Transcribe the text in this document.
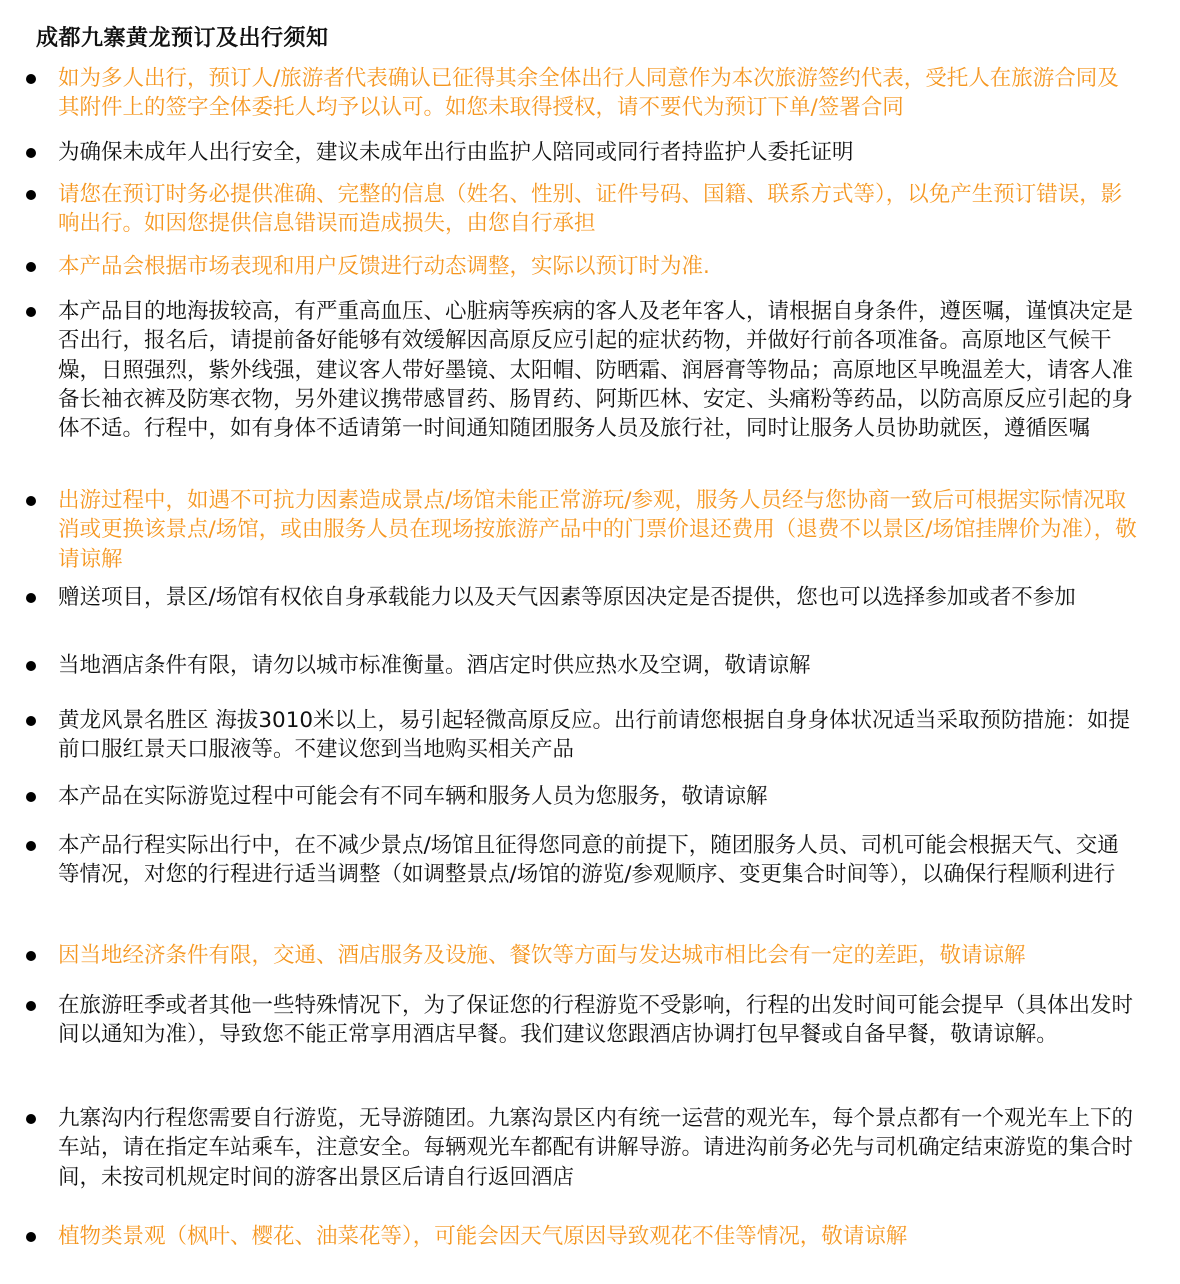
成都九寨黄龙预订及出行须知
如为多人出行，预订人/旅游者代表确认已征得其余全体出行人同意作为本次旅游签约代表，受托人在旅游合同及其附件上的签字全体委托人均予以认可。如您未取得授权，请不要代为预订下单/签署合同
为确保未成年人出行安全，建议未成年出行由监护人陪同或同行者持监护人委托证明
请您在预订时务必提供准确、完整的信息（姓名、性别、证件号码、国籍、联系方式等），以免产生预订错误，影响出行。如因您提供信息错误而造成损失，由您自行承担
本产品会根据市场表现和用户反馈进行动态调整，实际以预订时为准.
本产品目的地海拔较高，有严重高血压、心脏病等疾病的客人及老年客人，请根据自身条件，遵医嘱，谨慎决定是否出行，报名后，请提前备好能够有效缓解因高原反应引起的症状药物，并做好行前各项准备。高原地区气候干燥，日照强烈，紫外线强，建议客人带好墨镜、太阳帽、防晒霜、润唇膏等物品；高原地区早晚温差大，请客人准备长袖衣裤及防寒衣物，另外建议携带感冒药、肠胃药、阿斯匹林、安定、头痛粉等药品，以防高原反应引起的身体不适。行程中，如有身体不适请第一时间通知随团服务人员及旅行社，同时让服务人员协助就医，遵循医嘱
出游过程中，如遇不可抗力因素造成景点/场馆未能正常游玩/参观，服务人员经与您协商一致后可根据实际情况取消或更换该景点/场馆，或由服务人员在现场按旅游产品中的门票价退还费用（退费不以景区/场馆挂牌价为准），敬请谅解
赠送项目，景区/场馆有权依自身承载能力以及天气因素等原因决定是否提供，您也可以选择参加或者不参加
当地酒店条件有限，请勿以城市标准衡量。酒店定时供应热水及空调，敬请谅解
黄龙风景名胜区 海拔3010米以上，易引起轻微高原反应。出行前请您根据自身身体状况适当采取预防措施：如提前口服红景天口服液等。不建议您到当地购买相关产品
本产品在实际游览过程中可能会有不同车辆和服务人员为您服务，敬请谅解
本产品行程实际出行中，在不减少景点/场馆且征得您同意的前提下，随团服务人员、司机可能会根据天气、交通等情况，对您的行程进行适当调整（如调整景点/场馆的游览/参观顺序、变更集合时间等），以确保行程顺利进行
因当地经济条件有限，交通、酒店服务及设施、餐饮等方面与发达城市相比会有一定的差距，敬请谅解
在旅游旺季或者其他一些特殊情况下，为了保证您的行程游览不受影响，行程的出发时间可能会提早（具体出发时间以通知为准），导致您不能正常享用酒店早餐。我们建议您跟酒店协调打包早餐或自备早餐，敬请谅解。
九寨沟内行程您需要自行游览，无导游随团。九寨沟景区内有统一运营的观光车，每个景点都有一个观光车上下的车站，请在指定车站乘车，注意安全。每辆观光车都配有讲解导游。请进沟前务必先与司机确定结束游览的集合时间，未按司机规定时间的游客出景区后请自行返回酒店
植物类景观（枫叶、樱花、油菜花等），可能会因天气原因导致观花不佳等情况，敬请谅解
